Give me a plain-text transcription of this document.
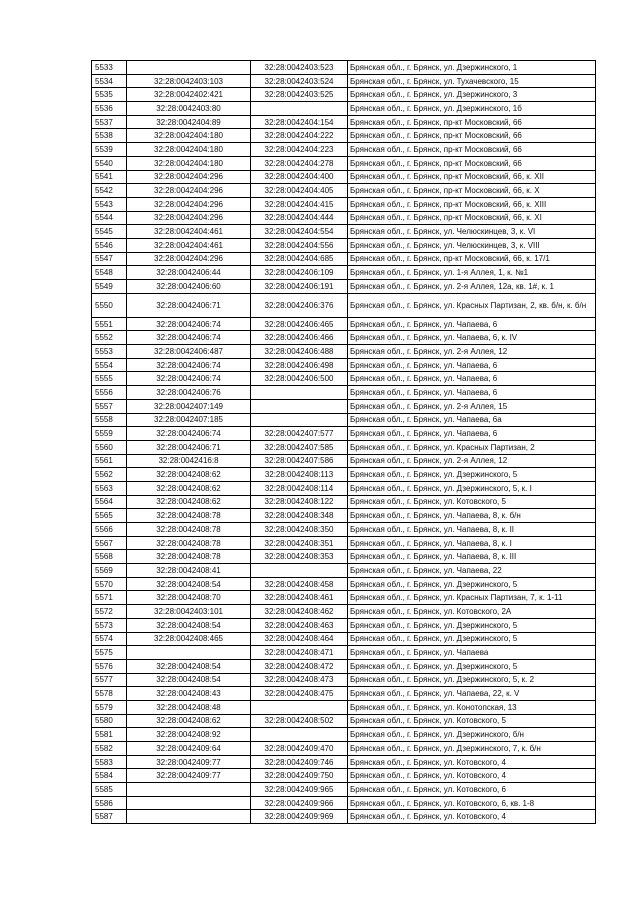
5533		32:28:0042403:523	Брянская обл., г. Брянск, ул. Дзержинского, 1
5534	32:28:0042403:103	32:28:0042403:524	Брянская обл., г. Брянск, ул. Тухачевского, 15
5535	32:28:0042402:421	32:28:0042403:525	Брянская обл., г. Брянск, ул. Дзержинского, 3
5536	32:28:0042403:80		Брянская обл., г. Брянск, ул. Дзержинского, 1б
5537	32:28:0042404:89	32:28:0042404:154	Брянская обл., г. Брянск, пр-кт Московский, 66
5538	32:28:0042404:180	32:28:0042404:222	Брянская обл., г. Брянск, пр-кт Московский, 66
5539	32:28:0042404:180	32:28:0042404:223	Брянская обл., г. Брянск, пр-кт Московский, 66
5540	32:28:0042404:180	32:28:0042404:278	Брянская обл., г. Брянск, пр-кт Московский, 66
5541	32:28:0042404:296	32:28:0042404:400	Брянская обл., г. Брянск, пр-кт Московский, 66, к. XII
5542	32:28:0042404:296	32:28:0042404:405	Брянская обл., г. Брянск, пр-кт Московский, 66, к. X
5543	32:28:0042404:296	32:28:0042404:415	Брянская обл., г. Брянск, пр-кт Московский, 66, к. XIII
5544	32:28:0042404:296	32:28:0042404:444	Брянская обл., г. Брянск, пр-кт Московский, 66, к. XI
5545	32:28:0042404:461	32:28:0042404:554	Брянская обл., г. Брянск, ул. Челюскинцев, 3, к. VI
5546	32:28:0042404:461	32:28:0042404:556	Брянская обл., г. Брянск, ул. Челюскинцев, 3, к. VIII
5547	32:28:0042404:296	32:28:0042404:685	Брянская обл., г. Брянск, пр-кт Московский, 66, к. 17/1
5548	32:28:0042406:44	32:28:0042406:109	Брянская обл., г. Брянск, ул. 1-я Аллея, 1, к. №1
5549	32:28:0042406:60	32:28:0042406:191	Брянская обл., г. Брянск, ул. 2-я Аллея, 12а, кв. 1#, к. 1
5550	32:28:0042406:71	32:28:0042406:376	Брянская обл., г. Брянск, ул. Красных Партизан, 2, кв. б/н, к. б/н
5551	32:28:0042406:74	32:28:0042406:465	Брянская обл., г. Брянск, ул. Чапаева, 6
5552	32:28:0042406:74	32:28:0042406:466	Брянская обл., г. Брянск, ул. Чапаева, 6, к. IV
5553	32:28:0042406:487	32:28:0042406:488	Брянская обл., г. Брянск, ул. 2-я Аллея, 12
5554	32:28:0042406:74	32:28:0042406:498	Брянская обл., г. Брянск, ул. Чапаева, 6
5555	32:28:0042406:74	32:28:0042406:500	Брянская обл., г. Брянск, ул. Чапаева, 6
5556	32:28:0042406:76		Брянская обл., г. Брянск, ул. Чапаева, 6
5557	32:28:0042407:149		Брянская обл., г. Брянск, ул. 2-я Аллея, 15
5558	32:28:0042407:185		Брянская обл., г. Брянск, ул. Чапаева, 6а
5559	32:28:0042406:74	32:28:0042407:577	Брянская обл., г. Брянск, ул. Чапаева, 6
5560	32:28:0042406:71	32:28:0042407:585	Брянская обл., г. Брянск, ул. Красных Партизан, 2
5561	32:28:0042416:8	32:28:0042407:586	Брянская обл., г. Брянск, ул. 2-я Аллея, 12
5562	32:28:0042408:62	32:28:0042408:113	Брянская обл., г. Брянск, ул. Дзержинского, 5
5563	32:28:0042408:62	32:28:0042408:114	Брянская обл., г. Брянск, ул. Дзержинского, 5, к. I
5564	32:28:0042408:62	32:28:0042408:122	Брянская обл., г. Брянск, ул. Котовского, 5
5565	32:28:0042408:78	32:28:0042408:348	Брянская обл., г. Брянск, ул. Чапаева, 8, к. б/н
5566	32:28:0042408:78	32:28:0042408:350	Брянская обл., г. Брянск, ул. Чапаева, 8, к. II
5567	32:28:0042408:78	32:28:0042408:351	Брянская обл., г. Брянск, ул. Чапаева, 8, к. I
5568	32:28:0042408:78	32:28:0042408:353	Брянская обл., г. Брянск, ул. Чапаева, 8, к. III
5569	32:28:0042408:41		Брянская обл., г. Брянск, ул. Чапаева, 22
5570	32:28:0042408:54	32:28:0042408:458	Брянская обл., г. Брянск, ул. Дзержинского, 5
5571	32:28:0042408:70	32:28:0042408:461	Брянская обл., г. Брянск, ул. Красных Партизан, 7, к. 1-11
5572	32:28:0042403:101	32:28:0042408:462	Брянская обл., г. Брянск, ул. Котовского, 2А
5573	32:28:0042408:54	32:28:0042408:463	Брянская обл., г. Брянск, ул. Дзержинского, 5
5574	32:28:0042408:465	32:28:0042408:464	Брянская обл., г. Брянск, ул. Дзержинского, 5
5575		32:28:0042408:471	Брянская обл., г. Брянск, ул. Чапаева
5576	32:28:0042408:54	32:28:0042408:472	Брянская обл., г. Брянск, ул. Дзержинского, 5
5577	32:28:0042408:54	32:28:0042408:473	Брянская обл., г. Брянск, ул. Дзержинского, 5, к. 2
5578	32:28:0042408:43	32:28:0042408:475	Брянская обл., г. Брянск, ул. Чапаева, 22, к. V
5579	32:28:0042408:48		Брянская обл., г. Брянск, ул. Конотопская, 13
5580	32:28:0042408:62	32:28:0042408:502	Брянская обл., г. Брянск, ул. Котовского, 5
5581	32:28:0042408:92		Брянская обл., г. Брянск, ул. Дзержинского, б/н
5582	32:28:0042409:64	32:28:0042409:470	Брянская обл., г. Брянск, ул. Дзержинского, 7, к. б/н
5583	32:28:0042409:77	32:28:0042409:746	Брянская обл., г. Брянск, ул. Котовского, 4
5584	32:28:0042409:77	32:28:0042409:750	Брянская обл., г. Брянск, ул. Котовского, 4
5585		32:28:0042409:965	Брянская обл., г. Брянск, ул. Котовского, 6
5586		32:28:0042409:966	Брянская обл., г. Брянск, ул. Котовского, 6, кв. 1-8
5587		32:28:0042409:969	Брянская обл., г. Брянск, ул. Котовского, 4
